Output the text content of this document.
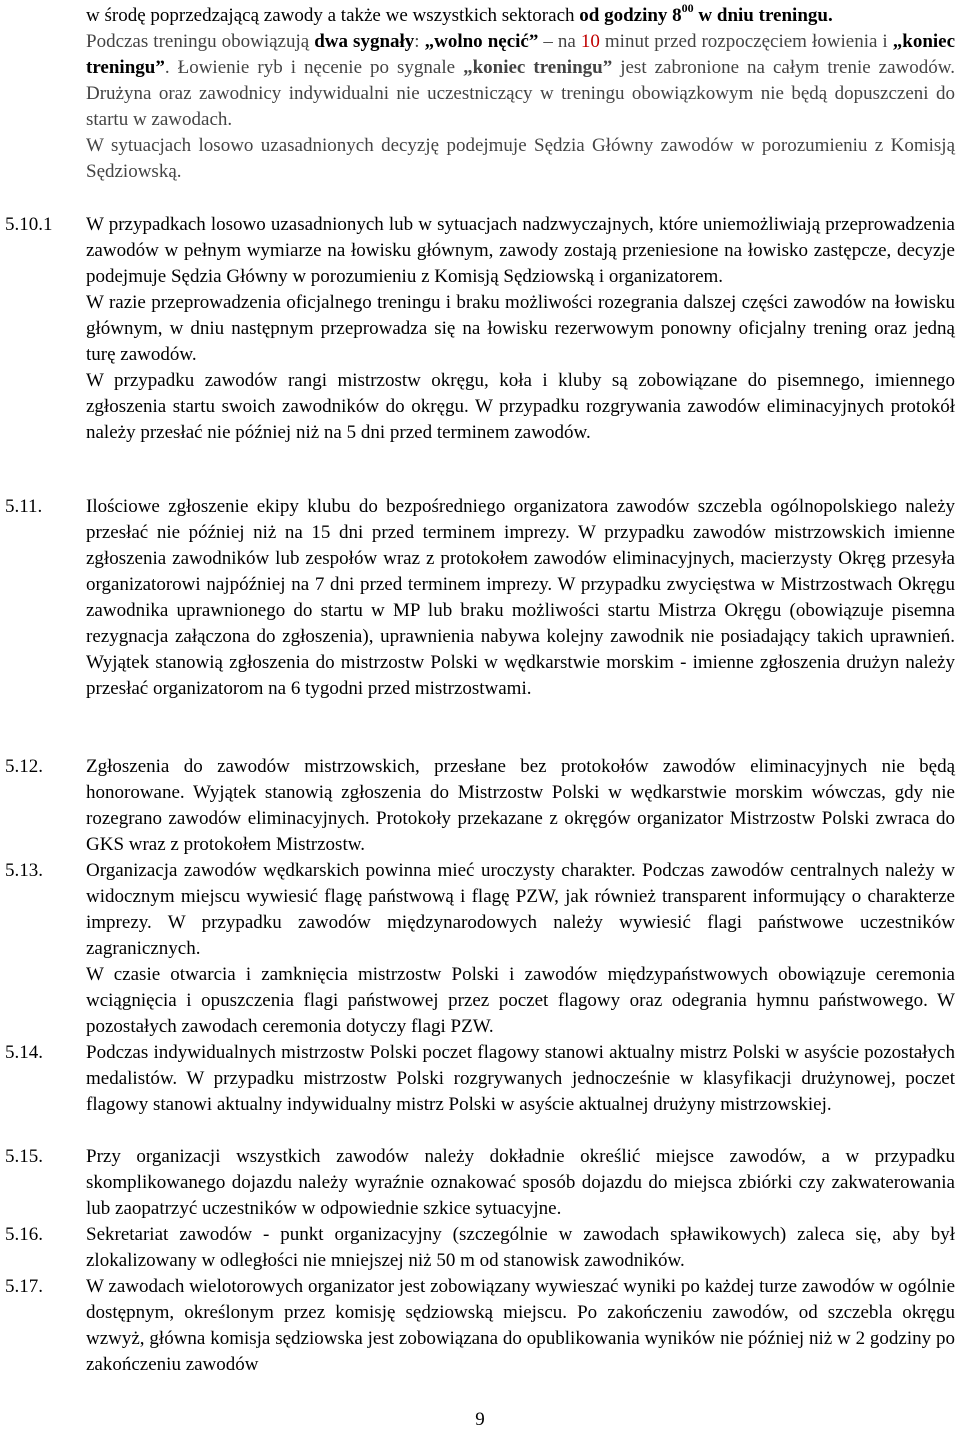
w środę poprzedzającą zawody a także we wszystkich sektorach od godziny $8^{00}$ w dniu treningu.

Podczas treningu obowiązują dwa sygnały: „wolno nęcić” – na 10 minut przed rozpoczęciem łowienia i „koniec treningu”. Łowienie ryb i nęcenie po sygnale „koniec treningu” jest zabronione na całym trenie zawodów. Drużyna oraz zawodnicy indywidualni nie uczestniczący w treningu obowiązkowym nie będą dopuszczeni do startu w zawodach.

W sytuacjach losowo uzasadnionych decyzję podejmuje Sędzia Główny zawodów w porozumieniu z Komisją Sędziowską.

5.10.1 W przypadkach losowo uzasadnionych lub w sytuacjach nadzwyczajnych, które uniemożliwiają przeprowadzenia zawodów w pełnym wymiarze na łowisku głównym, zawody zostają przeniesione na łowisko zastępcze, decyzje podejmuje Sędzia Główny w porozumieniu z Komisją Sędziowską i organizatorem.

W razie przeprowadzenia oficjalnego treningu i braku możliwości rozegrania dalszej części zawodów na łowisku głównym, w dniu następnym przeprowadza się na łowisku rezerwowym ponowny oficjalny trening oraz jedną turę zawodów.

W przypadku zawodów rangi mistrzostw okręgu, koła i kluby są zobowiązane do pisemnego, imiennego zgłoszenia startu swoich zawodników do okręgu. W przypadku rozgrywania zawodów eliminacyjnych protokół należy przesłać nie później niż na 5 dni przed terminem zawodów.

5.11. Ilościowe zgłoszenie ekipy klubu do bezpośredniego organizatora zawodów szczebla ogólnopolskiego należy przesłać nie później niż na 15 dni przed terminem imprezy. W przypadku zawodów mistrzowskich imienne zgłoszenia zawodników lub zespołów wraz z protokołem zawodów eliminacyjnych, macierzysty Okręg przesyła organizatorowi najpóźniej na 7 dni przed terminem imprezy. W przypadku zwycięstwa w Mistrzostwach Okręgu zawodnika uprawnionego do startu w MP lub braku możliwości startu Mistrza Okręgu (obowiązuje pisemna rezygnacja załączona do zgłoszenia), uprawnienia nabywa kolejny zawodnik nie posiadający takich uprawnień. Wyjątek stanowią zgłoszenia do mistrzostw Polski w wędkarstwie morskim - imienne zgłoszenia drużyn należy przesłać organizatorom na 6 tygodni przed mistrzostwami.

5.12. Zgłoszenia do zawodów mistrzowskich, przesłane bez protokołów zawodów eliminacyjnych nie będą honorowane. Wyjątek stanowią zgłoszenia do Mistrzostw Polski w wędkarstwie morskim wówczas, gdy nie rozegrano zawodów eliminacyjnych. Protokoły przekazane z okręgów organizator Mistrzostw Polski zwraca do GKS wraz z protokołem Mistrzostw.

5.13. Organizacja zawodów wędkarskich powinna mieć uroczysty charakter. Podczas zawodów centralnych należy w widocznym miejscu wywiesić flagę państwową i flagę PZW, jak również transparent informujący o charakterze imprezy. W przypadku zawodów międzynarodowych należy wywiesić flagi państwowe uczestników zagranicznych.

W czasie otwarcia i zamknięcia mistrzostw Polski i zawodów międzypaństwowych obowiązuje ceremonia wciągnięcia i opuszczenia flagi państwowej przez poczet flagowy oraz odegrania hymnu państwowego. W pozostałych zawodach ceremonia dotyczy flagi PZW.

5.14. Podczas indywidualnych mistrzostw Polski poczet flagowy stanowi aktualny mistrz Polski w asyście pozostałych medalistów. W przypadku mistrzostw Polski rozgrywanych jednocześnie w klasyfikacji drużynowej, poczet flagowy stanowi aktualny indywidualny mistrz Polski w asyście aktualnej drużyny mistrzowskiej.

5.15. Przy organizacji wszystkich zawodów należy dokładnie określić miejsce zawodów, a w przypadku skomplikowanego dojazdu należy wyraźnie oznakować sposób dojazdu do miejsca zbiórki czy zakwaterowania lub zaopatrzyć uczestników w odpowiednie szkice sytuacyjne.

5.16. Sekretariat zawodów - punkt organizacyjny (szczególnie w zawodach spławikowych) zaleca się, aby był zlokalizowany w odległości nie mniejszej niż 50 m od stanowisk zawodników.

5.17. W zawodach wielotorowych organizator jest zobowiązany wywieszać wyniki po każdej turze zawodów w ogólnie dostępnym, określonym przez komisję sędziowską miejscu. Po zakończeniu zawodów, od szczebla okręgu wzwyż, główna komisja sędziowska jest zobowiązana do opublikowania wyników nie później niż w 2 godziny po zakończeniu zawodów

9
